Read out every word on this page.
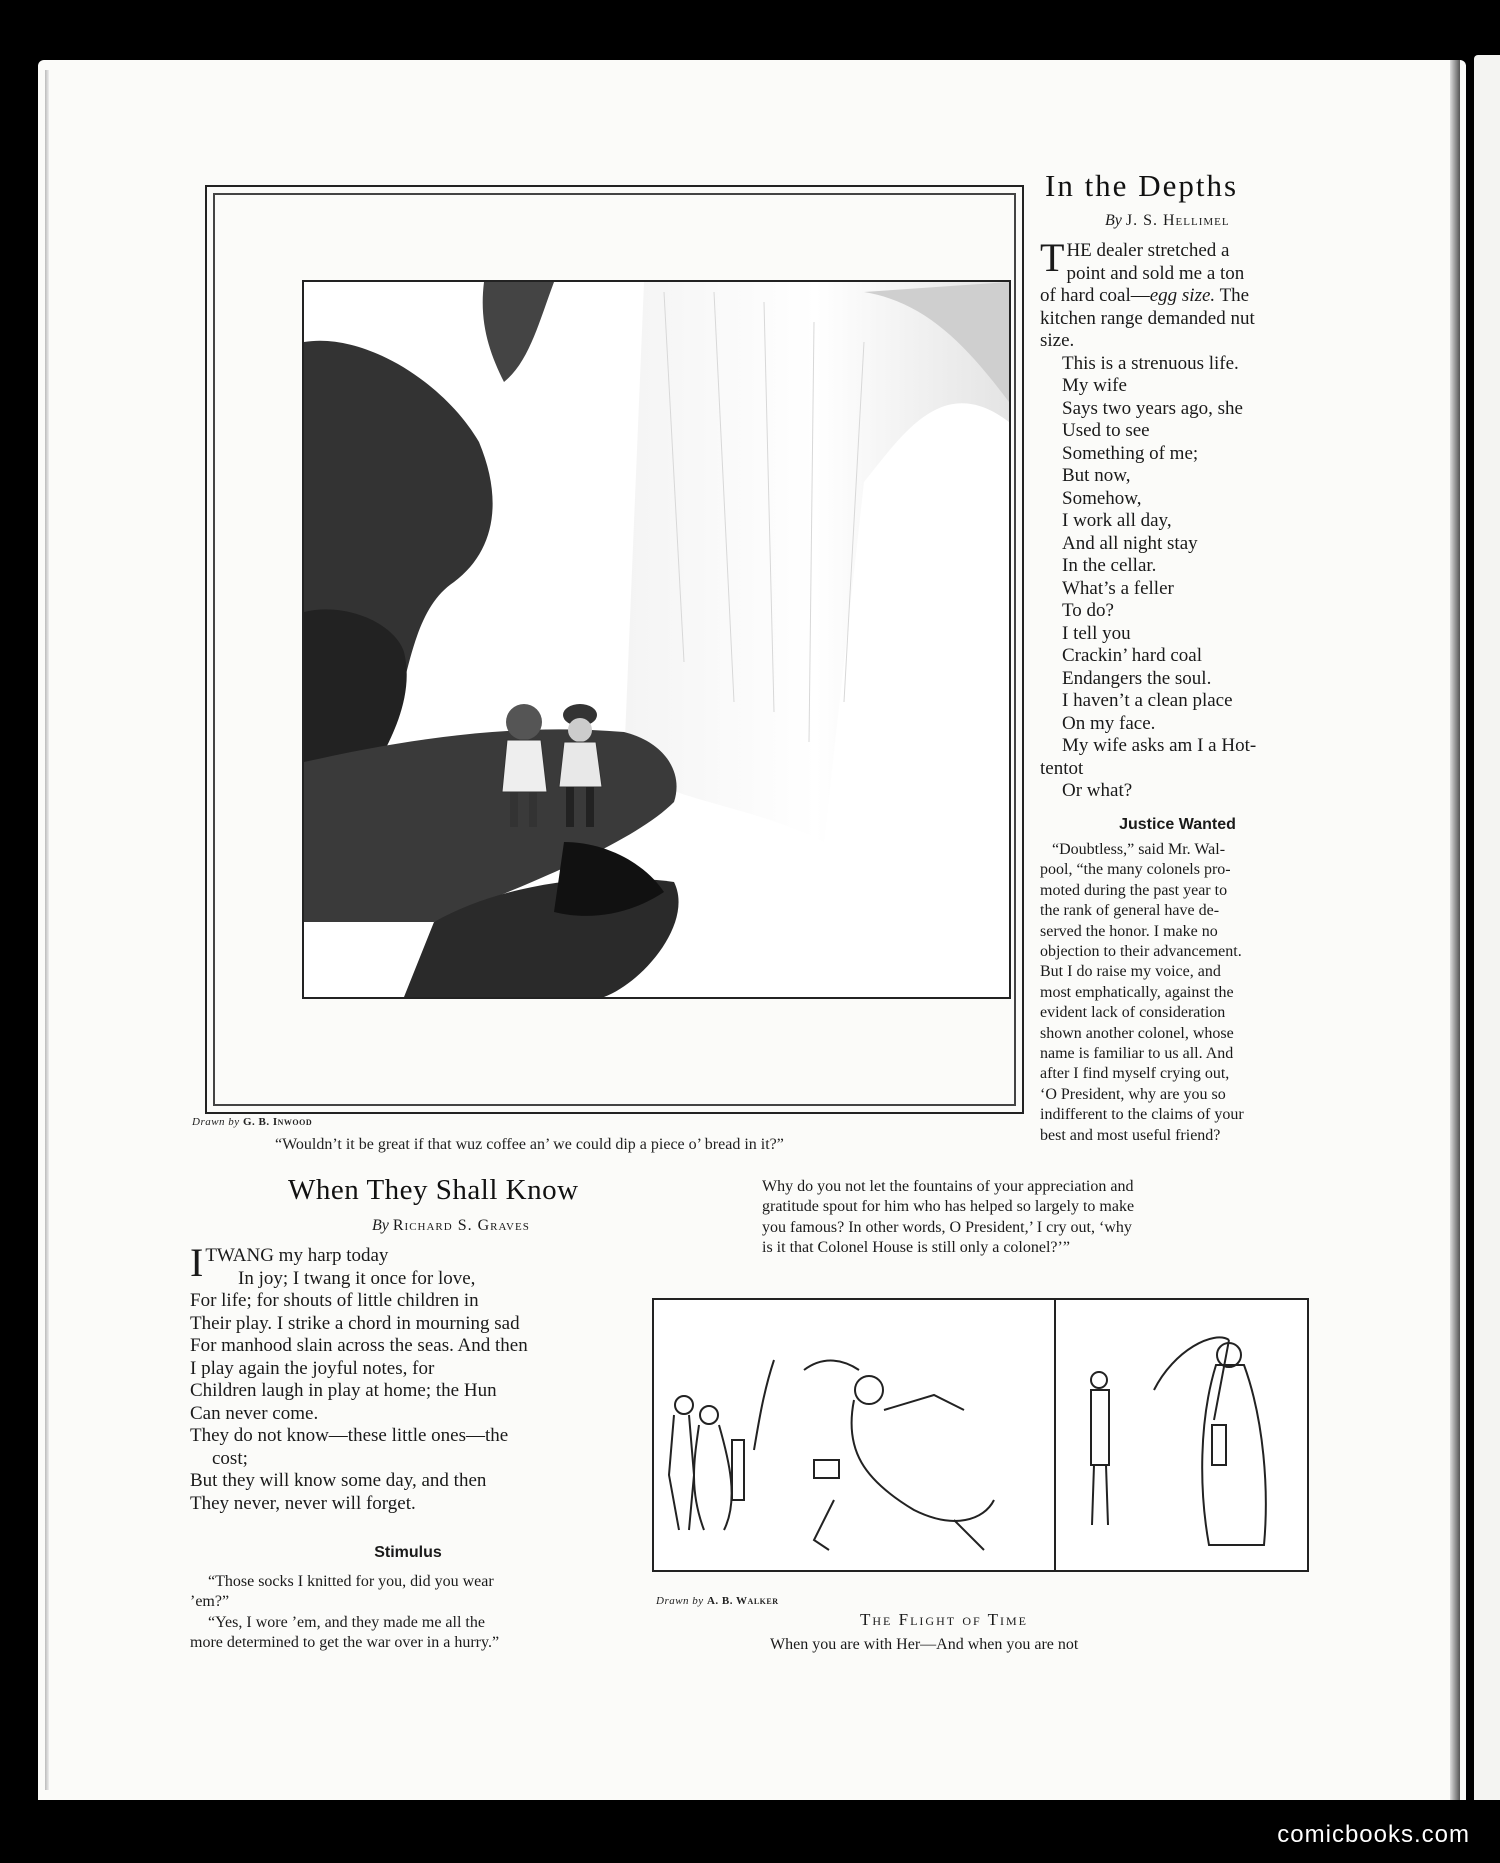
Drawn by G. B. Inwood
“Wouldn’t it be great if that wuz coffee an’ we could dip a piece o’ bread in it?”
In the Depths
By J. S. Hellimel
T HE dealer stretched a

point and sold me a ton

of hard coal—egg size. The

kitchen range demanded nut

size.

This is a strenuous life.

My wife

Says two years ago, she

Used to see

Something of me;

But now,

Somehow,

I work all day,

And all night stay

In the cellar.

What’s a feller

To do?

I tell you

Crackin’ hard coal

Endangers the soul.

I haven’t a clean place

On my face.

My wife asks am I a Hot-

tentot

Or what?

Justice Wanted

“Doubtless,” said Mr. Wal-

pool, “the many colonels pro-

moted during the past year to

the rank of general have de-

served the honor. I make no

objection to their advancement.

But I do raise my voice, and

most emphatically, against the

evident lack of consideration

shown another colonel, whose

name is familiar to us all. And

after I find myself crying out,

‘O President, why are you so

indifferent to the claims of your

best and most useful friend?

Why do you not let the fountains of your appreciation and

gratitude spout for him who has helped so largely to make

you famous? In other words, O President,’ I cry out, ‘why

is it that Colonel House is still only a colonel?’”

When They Shall Know
By Richard S. Graves
I TWANG my harp today

In joy; I twang it once for love,

For life; for shouts of little children in

Their play. I strike a chord in mourning sad

For manhood slain across the seas. And then

I play again the joyful notes, for

Children laugh in play at home; the Hun

Can never come.

They do not know—these little ones—the

cost;

But they will know some day, and then

They never, never will forget.

Stimulus

“Those socks I knitted for you, did you wear

’em?”

“Yes, I wore ’em, and they made me all the

more determined to get the war over in a hurry.”

Drawn by A. B. Walker
The Flight of Time
When you are with Her—And when you are not
comicbooks.com
